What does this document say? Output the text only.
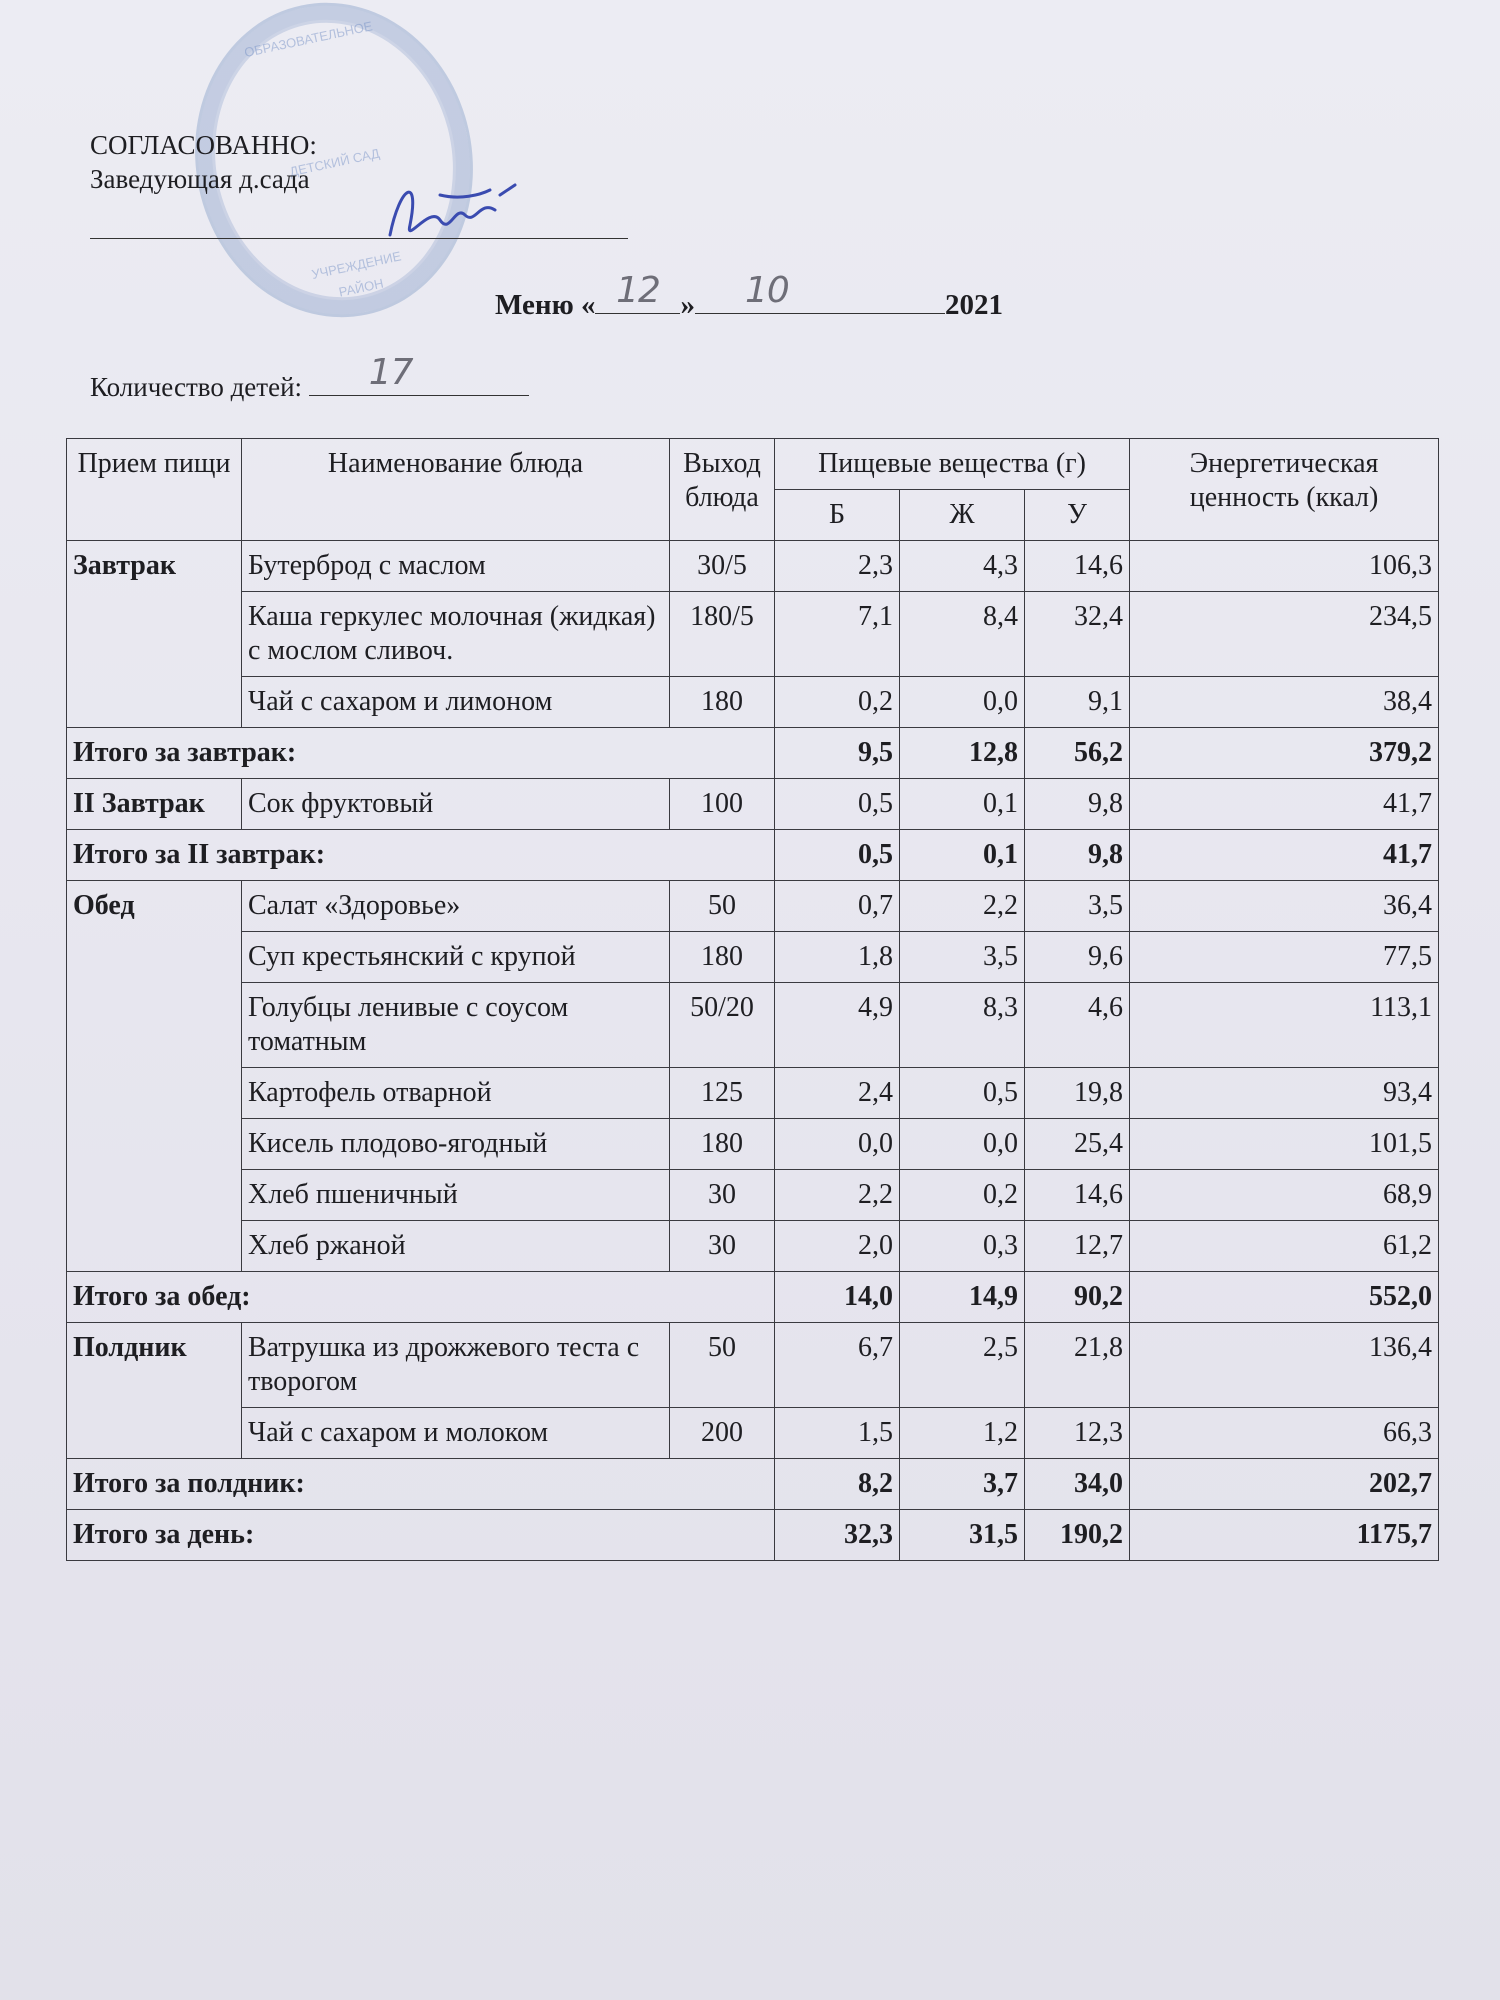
ОБРАЗОВАТЕЛЬНОЕ
ДЕТСКИЙ САД
УЧРЕЖДЕНИЕ
РАЙОН
СОГЛАСОВАННО:
Заведующая д.сада
Меню « 12 »	10	2021
Количество детей:	17
Прием пищи	Наименование блюда	Выход блюда	Пищевые вещества (г)			Энергетическая ценность (ккал)
			Б	Ж	У	
Завтрак	Бутерброд с маслом	30/5	2,3	4,3	14,6	106,3
	Каша геркулес молочная (жидкая) с мослом сливоч.	180/5	7,1	8,4	32,4	234,5
	Чай с сахаром и лимоном	180	0,2	0,0	9,1	38,4
Итого за завтрак:			9,5	12,8	56,2	379,2
II Завтрак	Сок фруктовый	100	0,5	0,1	9,8	41,7
Итого за II завтрак:			0,5	0,1	9,8	41,7
Обед	Салат «Здоровье»	50	0,7	2,2	3,5	36,4
	Суп крестьянский с крупой	180	1,8	3,5	9,6	77,5
	Голубцы ленивые с соусом томатным	50/20	4,9	8,3	4,6	113,1
	Картофель отварной	125	2,4	0,5	19,8	93,4
	Кисель плодово-ягодный	180	0,0	0,0	25,4	101,5
	Хлеб пшеничный	30	2,2	0,2	14,6	68,9
	Хлеб ржаной	30	2,0	0,3	12,7	61,2
Итого за обед:			14,0	14,9	90,2	552,0
Полдник	Ватрушка из дрожжевого теста с творогом	50	6,7	2,5	21,8	136,4
	Чай с сахаром и молоком	200	1,5	1,2	12,3	66,3
Итого за полдник:			8,2	3,7	34,0	202,7
Итого за день:			32,3	31,5	190,2	1175,7
